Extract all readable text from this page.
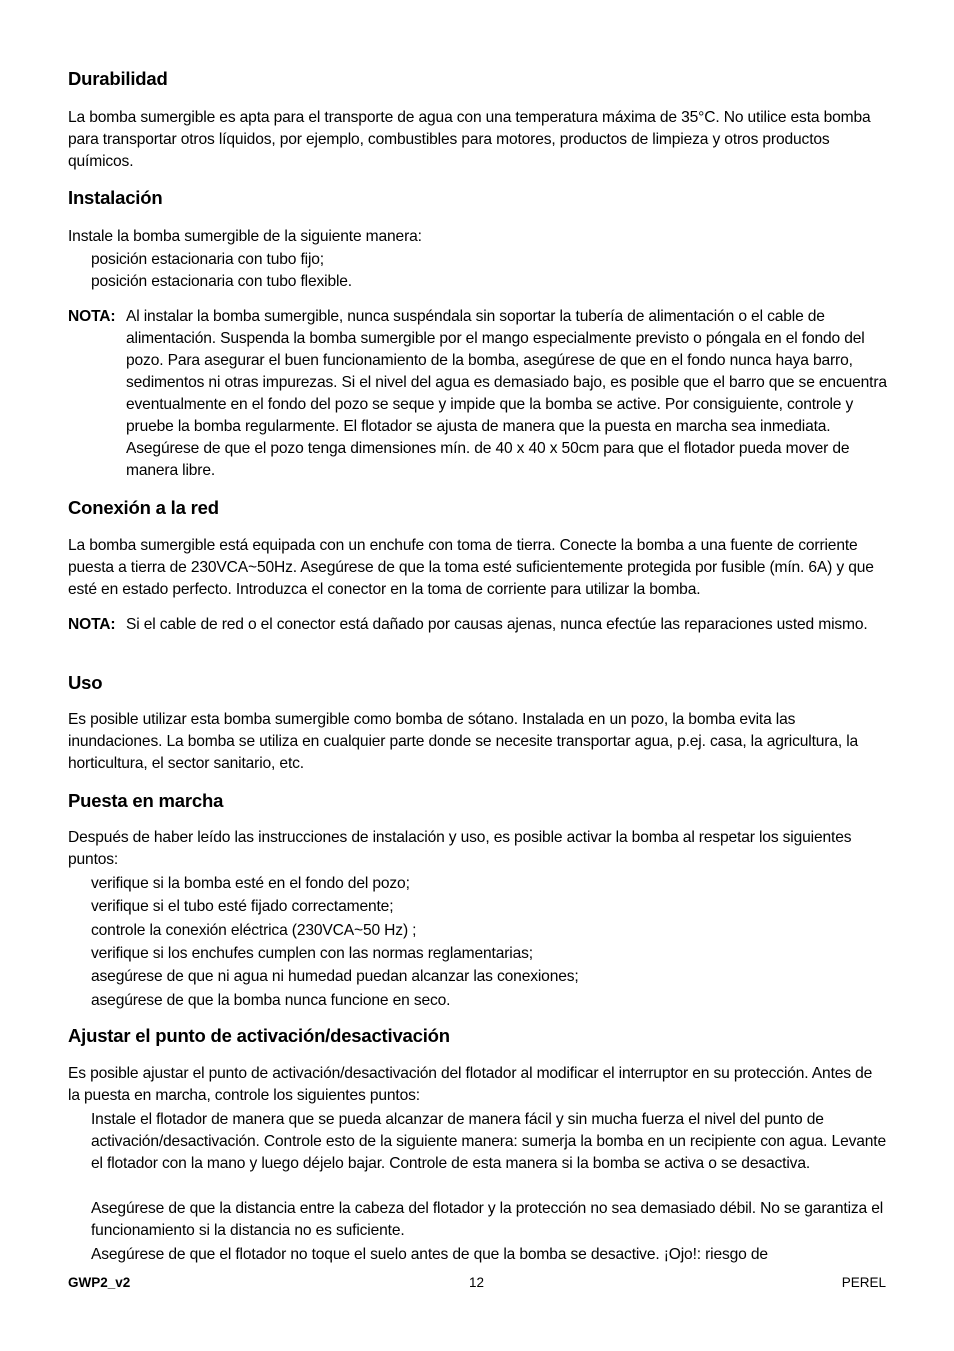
Durabilidad

La bomba sumergible es apta para el transporte de agua con una temperatura máxima de 35°C. No utilice esta bomba para transportar otros líquidos, por ejemplo, combustibles para motores, productos de limpieza y otros productos químicos.

Instalación

Instale la bomba sumergible de la siguiente manera:

posición estacionaria con tubo fijo;

posición estacionaria con tubo flexible.

NOTA: Al instalar la bomba sumergible, nunca suspéndala sin soportar la tubería de alimentación o el cable de alimentación. Suspenda la bomba sumergible por el mango especialmente previsto o póngala en el fondo del pozo. Para asegurar el buen funcionamiento de la bomba, asegúrese de que en el fondo nunca haya barro, sedimentos ni otras impurezas. Si el nivel del agua es demasiado bajo, es posible que el barro que se encuentra eventualmente en el fondo del pozo se seque y impide que la bomba se active. Por consiguiente, controle y pruebe la bomba regularmente. El flotador se ajusta de manera que la puesta en marcha sea inmediata. Asegúrese de que el pozo tenga dimensiones mín. de 40 x 40 x 50cm para que el flotador pueda mover de manera libre.

Conexión a la red

La bomba sumergible está equipada con un enchufe con toma de tierra. Conecte la bomba a una fuente de corriente puesta a tierra de 230VCA~50Hz. Asegúrese de que la toma esté suficientemente protegida por fusible (mín. 6A) y que esté en estado perfecto. Introduzca el conector en la toma de corriente para utilizar la bomba.

NOTA: Si el cable de red o el conector está dañado por causas ajenas, nunca efectúe las reparaciones usted mismo.

Uso

Es posible utilizar esta bomba sumergible como bomba de sótano. Instalada en un pozo, la bomba evita las inundaciones. La bomba se utiliza en cualquier parte donde se necesite transportar agua, p.ej. casa, la agricultura, la horticultura, el sector sanitario, etc.

Puesta en marcha

Después de haber leído las instrucciones de instalación y uso, es posible activar la bomba al respetar los siguientes puntos:

verifique si la bomba esté en el fondo del pozo;

verifique si el tubo esté fijado correctamente;

controle la conexión eléctrica (230VCA~50 Hz) ;

verifique si los enchufes cumplen con las normas reglamentarias;

asegúrese de que ni agua ni humedad puedan alcanzar las conexiones;

asegúrese de que la bomba nunca funcione en seco.

Ajustar el punto de activación/desactivación

Es posible ajustar el punto de activación/desactivación del flotador al modificar el interruptor en su protección. Antes de la puesta en marcha, controle los siguientes puntos:

Instale el flotador de manera que se pueda alcanzar de manera fácil y sin mucha fuerza el nivel del punto de activación/desactivación. Controle esto de la siguiente manera: sumerja la bomba en un recipiente con agua. Levante el flotador con la mano y luego déjelo bajar. Controle de esta manera si la bomba se activa o se desactiva.

Asegúrese de que la distancia entre la cabeza del flotador y la protección no sea demasiado débil. No se garantiza el funcionamiento si la distancia no es suficiente.

Asegúrese de que el flotador no toque el suelo antes de que la bomba se desactive. ¡Ojo!: riesgo de

GWP2_v2	12	PEREL
